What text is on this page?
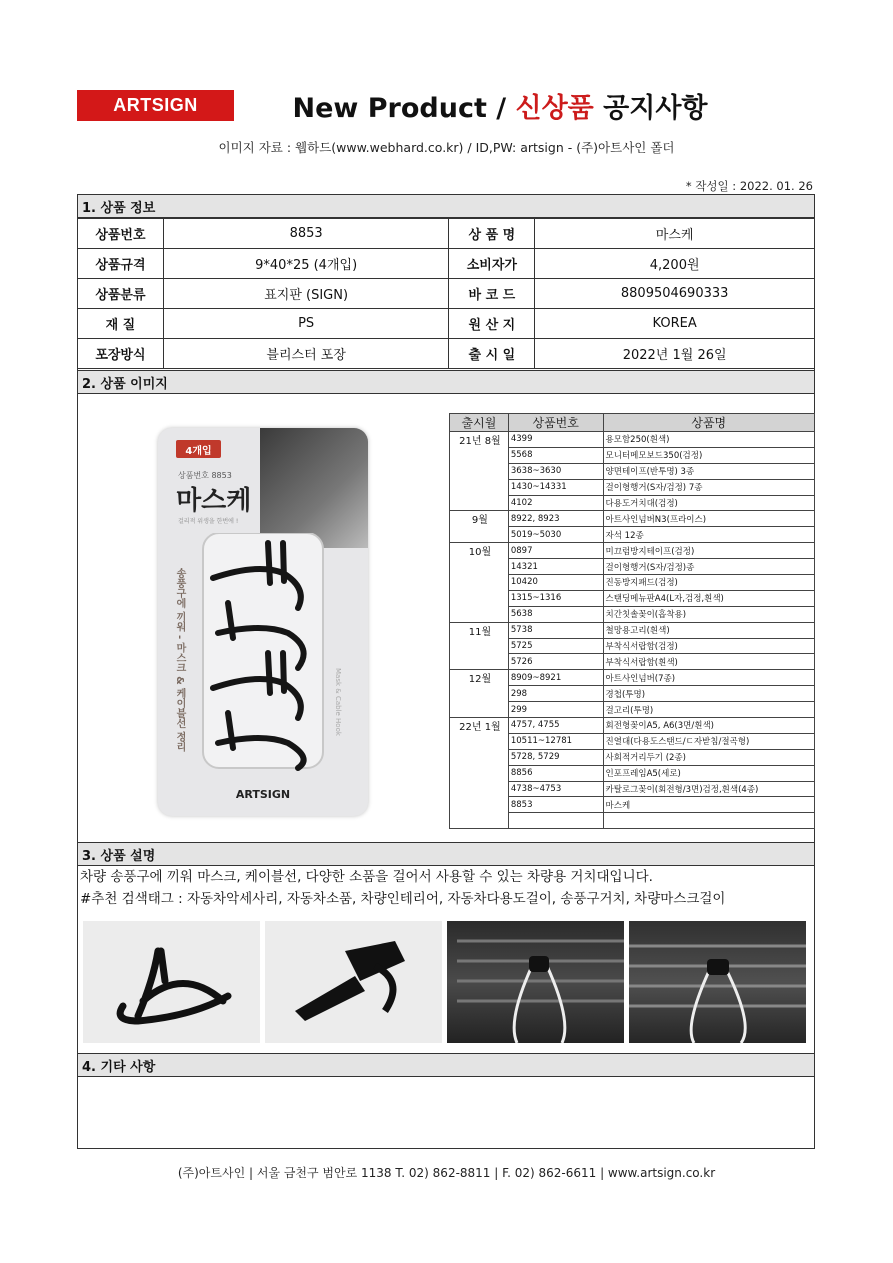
ARTSIGN	New Product / 신상품 공지사항
이미지 자료 : 웹하드(www.webhard.co.kr) / ID,PW: artsign - (주)아트사인 폴더
* 작성일 : 2022. 01. 26
1. 상품 정보
상품번호	8853	상 품 명	마스케
상품규격	9*40*25 (4개입)	소비자가	4,200원
상품분류	표지판 (SIGN)	바 코 드	8809504690333
재 질	PS	원 산 지	KOREA
포장방식	블리스터 포장	출 시 일	2022년 1월 26일
2. 상품 이미지
4개입
상품번호 8853
마스케
걸리적 위생을 한번에 !
송풍구에 끼워 - 마스크 & 케이블선 정리	Mask & Cable Hook
ARTSIGN
출시월	상품번호	상품명
21년 8월	4399	용모함250(흰색)
	5568	모니터메모보드350(검정)
	3638~3630	양면테이프(반투명) 3종
	1430~14331	걸이형행거(S자/검정) 7종
	4102	다용도거치대(검정)
9월	8922, 8923	아트사인넘버N3(프라이스)
	5019~5030	자석 12종
10월	0897	미끄럼방지테이프(검정)
	14321	걸이형행거(S자/검정)종
	10420	진동방지패드(검정)
	1315~1316	스탠딩메뉴판A4(L자,검정,흰색)
	5638	치간칫솔꽂이(흡착용)
11월	5738	철망용고리(흰색)
	5725	부착식서랍함(검정)
	5726	부착식서랍함(흰색)
12월	8909~8921	아트사인넘버(7종)
	298	경첩(투명)
	299	걸고리(투명)
22년 1월	4757, 4755	회전형꽂이A5, A6(3면/흰색)
	10511~12781	진열대(다용도스탠드/ㄷ자받침/절곡형)
	5728, 5729	사회적거리두기 (2종)
	8856	인포프레임A5(세로)
	4738~4753	카탈로그꽂이(회전형/3면)검정,흰색(4종)
	8853	마스케

3. 상품 설명
차량 송풍구에 끼워 마스크, 케이블선, 다양한 소품을 걸어서 사용할 수 있는 차량용 거치대입니다.
#추천 검색태그 : 자동차악세사리, 자동차소품, 차량인테리어, 자동차다용도걸이, 송풍구거치, 차량마스크걸이
4. 기타 사항
(주)아트사인 | 서울 금천구 범안로 1138 T. 02) 862-8811 | F. 02) 862-6611 | www.artsign.co.kr
